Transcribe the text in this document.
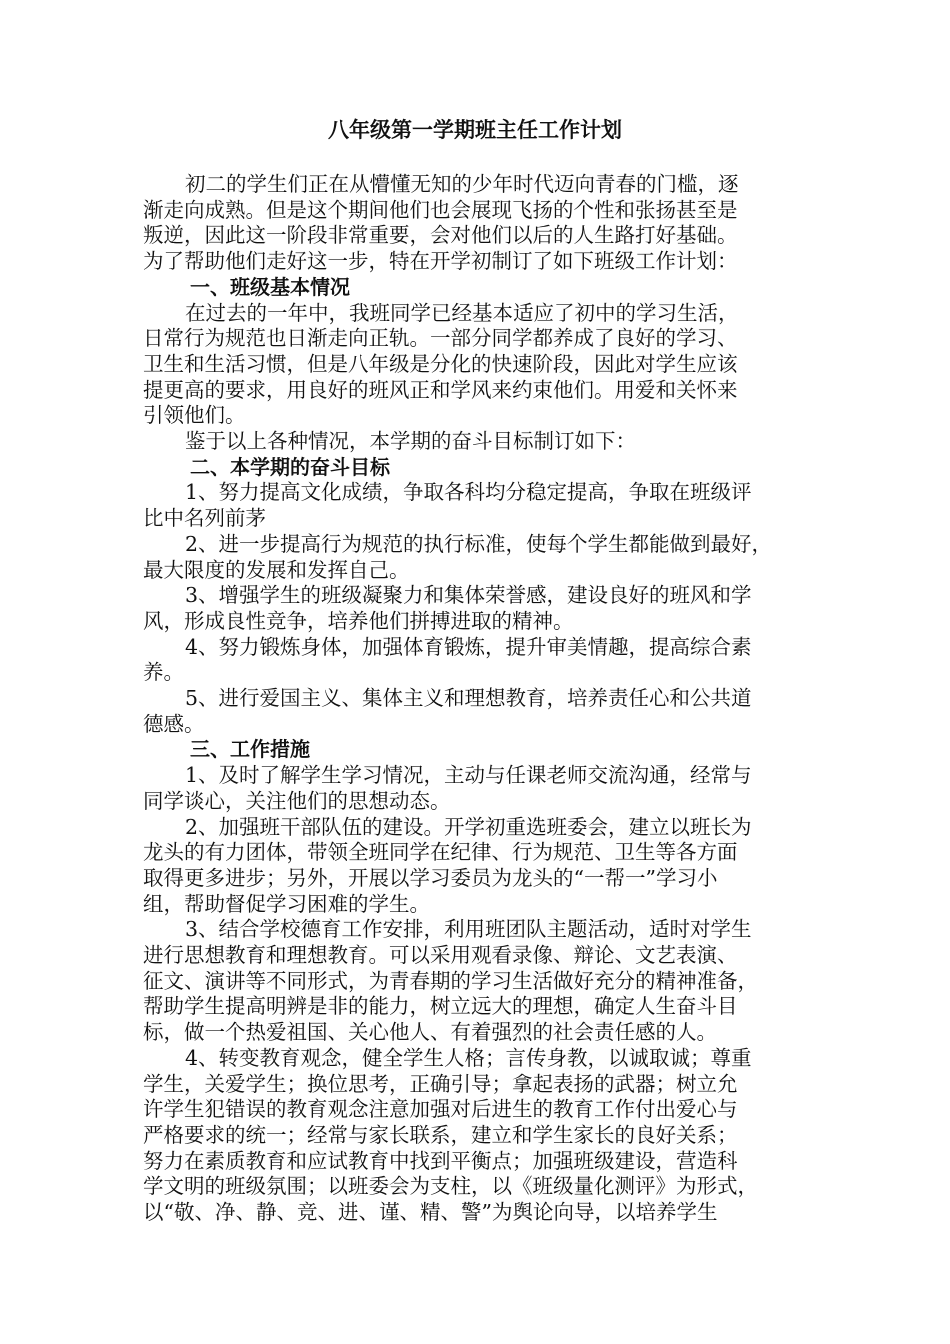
八年级第一学期班主任工作计划
初二的学生们正在从懵懂无知的少年时代迈向青春的门槛，逐
渐走向成熟。但是这个期间他们也会展现飞扬的个性和张扬甚至是
叛逆，因此这一阶段非常重要，会对他们以后的人生路打好基础。
为了帮助他们走好这一步，特在开学初制订了如下班级工作计划：
一、班级基本情况
在过去的一年中，我班同学已经基本适应了初中的学习生活，
日常行为规范也日渐走向正轨。一部分同学都养成了良好的学习、
卫生和生活习惯，但是八年级是分化的快速阶段，因此对学生应该
提更高的要求，用良好的班风正和学风来约束他们。用爱和关怀来
引领他们。
鉴于以上各种情况，本学期的奋斗目标制订如下：
二、本学期的奋斗目标
1、努力提高文化成绩，争取各科均分稳定提高，争取在班级评
比中名列前茅
2、进一步提高行为规范的执行标准，使每个学生都能做到最好，
最大限度的发展和发挥自己。
3、增强学生的班级凝聚力和集体荣誉感，建设良好的班风和学
风，形成良性竞争，培养他们拼搏进取的精神。
4、努力锻炼身体，加强体育锻炼，提升审美情趣，提高综合素
养。
5、进行爱国主义、集体主义和理想教育，培养责任心和公共道
德感。
三、工作措施
1、及时了解学生学习情况，主动与任课老师交流沟通，经常与
同学谈心，关注他们的思想动态。
2、加强班干部队伍的建设。开学初重选班委会，建立以班长为
龙头的有力团体，带领全班同学在纪律、行为规范、卫生等各方面
取得更多进步；另外，开展以学习委员为龙头的“一帮一”学习小
组，帮助督促学习困难的学生。
3、结合学校德育工作安排，利用班团队主题活动，适时对学生
进行思想教育和理想教育。可以采用观看录像、辩论、文艺表演、
征文、演讲等不同形式，为青春期的学习生活做好充分的精神准备，
帮助学生提高明辨是非的能力，树立远大的理想，确定人生奋斗目
标，做一个热爱祖国、关心他人、有着强烈的社会责任感的人。
4、转变教育观念，健全学生人格；言传身教，以诚取诚；尊重
学生，关爱学生；换位思考，正确引导；拿起表扬的武器；树立允
许学生犯错误的教育观念注意加强对后进生的教育工作付出爱心与
严格要求的统一；经常与家长联系，建立和学生家长的良好关系；
努力在素质教育和应试教育中找到平衡点；加强班级建设，营造科
学文明的班级氛围；以班委会为支柱，以《班级量化测评》为形式，
以“敬、净、静、竞、进、谨、精、警”为舆论向导，以培养学生
